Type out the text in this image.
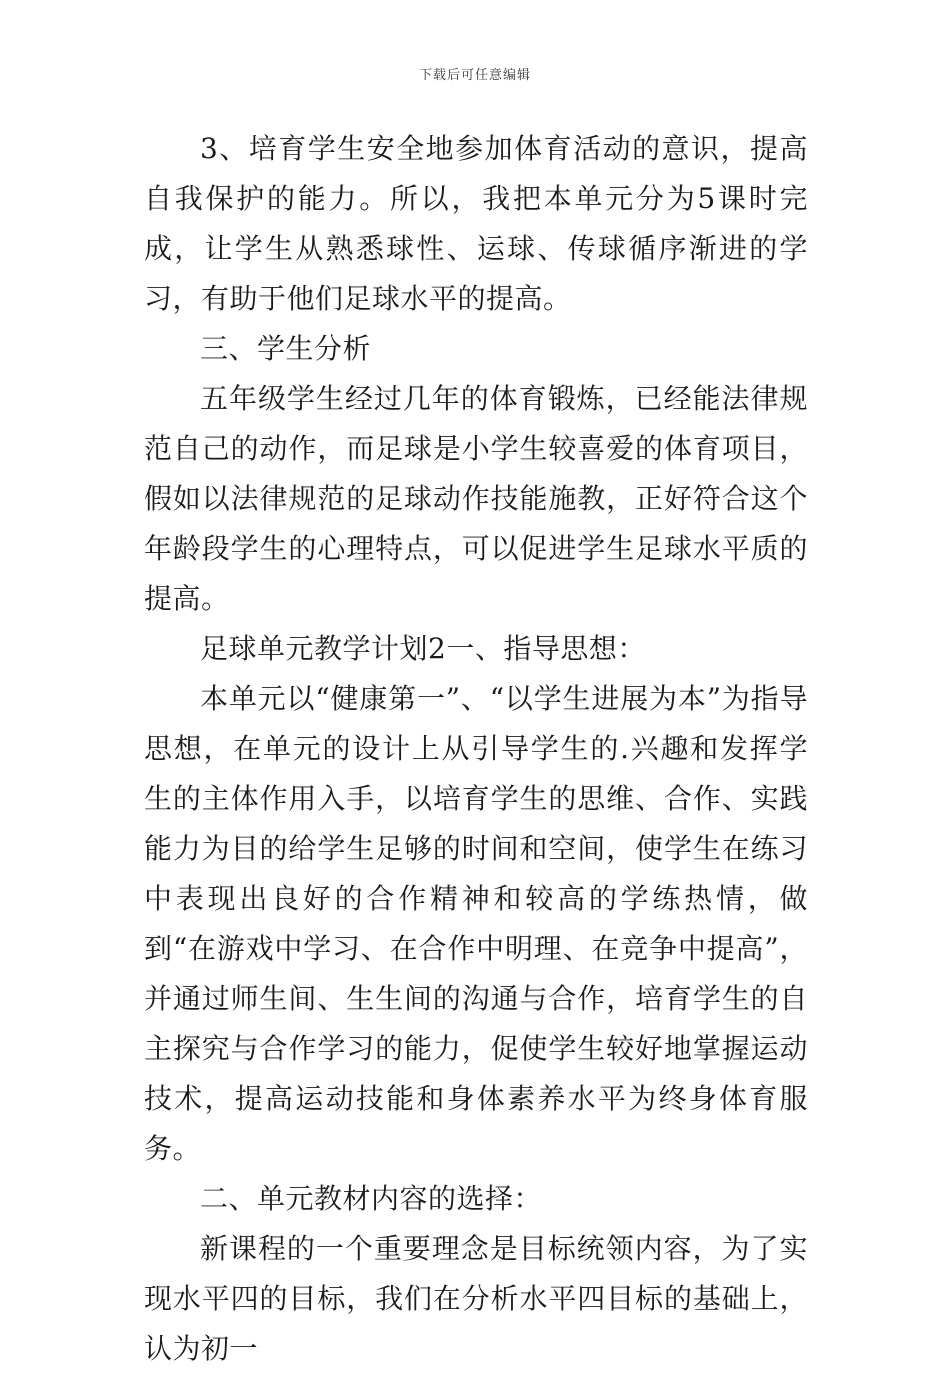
下载后可任意编辑

3、培育学生安全地参加体育活动的意识，提高自我保护的能力。所以，我把本单元分为5课时完成，让学生从熟悉球性、运球、传球循序渐进的学习，有助于他们足球水平的提高。

三、学生分析

五年级学生经过几年的体育锻炼，已经能法律规范自己的动作，而足球是小学生较喜爱的体育项目，假如以法律规范的足球动作技能施教，正好符合这个年龄段学生的心理特点，可以促进学生足球水平质的提高。

足球单元教学计划2一、指导思想：

本单元以“健康第一”、“以学生进展为本”为指导思想，在单元的设计上从引导学生的.兴趣和发挥学生的主体作用入手，以培育学生的思维、合作、实践能力为目的给学生足够的时间和空间，使学生在练习中表现出良好的合作精神和较高的学练热情，做到“在游戏中学习、在合作中明理、在竞争中提高”，并通过师生间、生生间的沟通与合作，培育学生的自主探究与合作学习的能力，促使学生较好地掌握运动技术，提高运动技能和身体素养水平为终身体育服务。

二、单元教材内容的选择：

新课程的一个重要理念是目标统领内容，为了实现水平四的目标，我们在分析水平四目标的基础上，认为初一
